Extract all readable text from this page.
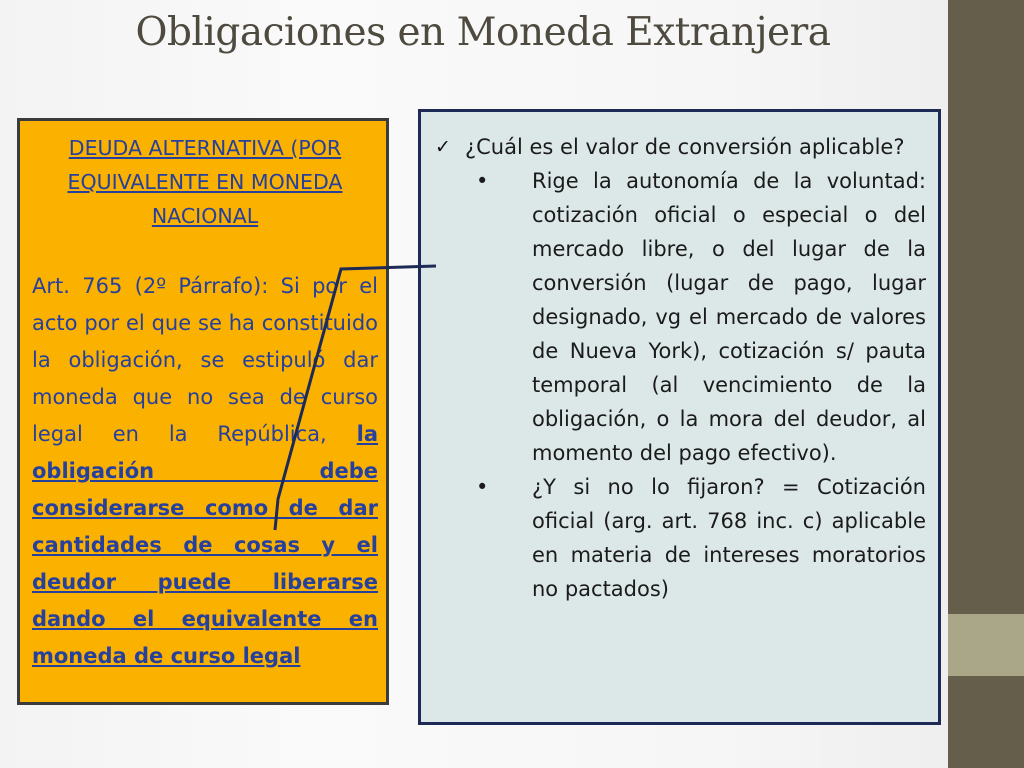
Obligaciones en Moneda Extranjera
DEUDA ALTERNATIVA (POR EQUIVALENTE EN MONEDA NACIONAL
Art. 765 (2º Párrafo): Si por el acto por el que se ha constituido la obligación, se estipuló dar moneda que no sea de curso legal en la República, la obligación debe considerarse como de dar cantidades de cosas y el deudor puede liberarse dando el equivalente en moneda de curso legal
✓ ¿Cuál es el valor de conversión aplicable?
•	Rige la autonomía de la voluntad: cotización oficial o especial o del mercado libre, o del lugar de la conversión (lugar de pago, lugar designado, vg el mercado de valores de Nueva York), cotización s/ pauta temporal (al vencimiento de la obligación, o la mora del deudor, al momento del pago efectivo).
•	¿Y si no lo fijaron? = Cotización oficial (arg. art. 768 inc. c) aplicable en materia de intereses moratorios no pactados)
